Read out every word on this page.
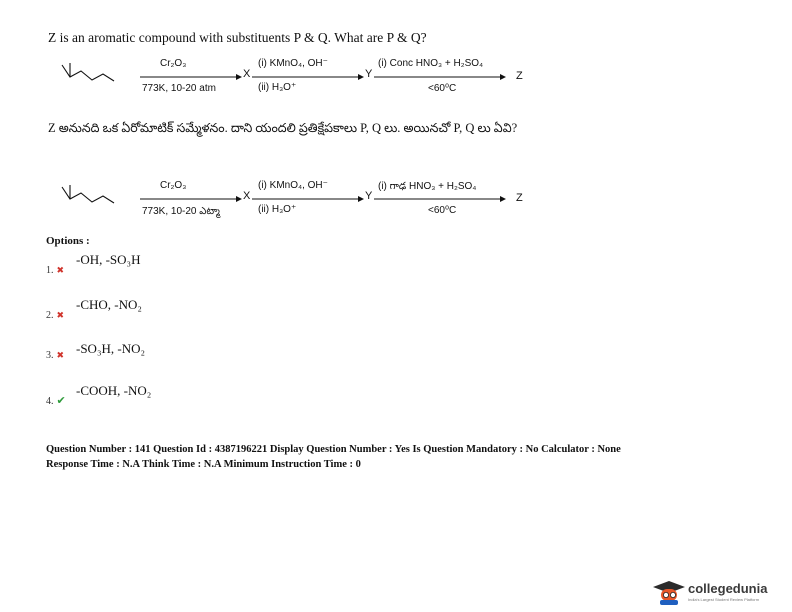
Z is an aromatic compound with substituents P & Q. What are P & Q?
Cr₂O₃
773K, 10-20 atm
X
(i) KMnO₄, OH⁻
(ii) H₃O⁺
Y
(i) Conc HNO₃ + H₂SO₄
<60⁰C
Z
Z అనునది ఒక ఏరోమాటిక్ సమ్మేళనం. దాని యందలి ప్రతిక్షేపకాలు P, Q లు. అయినచో P, Q లు ఏవి?
Cr₂O₃
773K, 10-20 ఎట్మా
X
(i) KMnO₄, OH⁻
(ii) H₃O⁺
Y
(i) గాఢ HNO₃ + H₂SO₄
<60⁰C
Z
Options :
1. ✖
-OH, -SO₃H
2. ✖
-CHO, -NO₂
3. ✖ -SO₃H, -NO₂
4. ✔
-COOH, -NO₂
Question Number : 141 Question Id : 4387196221 Display Question Number : Yes Is Question Mandatory : No Calculator : None
Response Time : N.A Think Time : N.A Minimum Instruction Time : 0
collegedunia
India's Largest Student Review Platform
